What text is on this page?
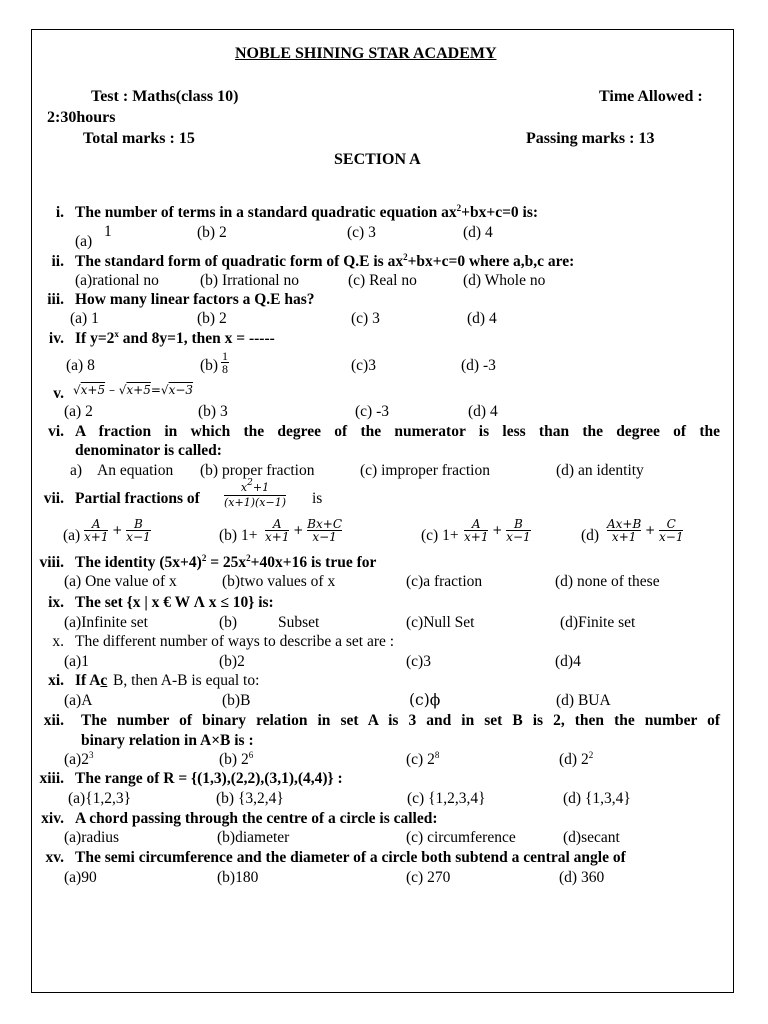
NOBLE SHINING STAR ACADEMY
Test : Maths(class 10)	Time Allowed :
2:30hours
Total marks : 15	Passing marks : 13
SECTION A
i. The number of terms in a standard quadratic equation $ax^2+bx+c=0$ is:
(a)
1	(b) 2	(c) 3	(d) 4
ii. The standard form of quadratic form of Q.E is $ax^2+bx+c=0$ where a,b,c are:
(a)rational no	(b) Irrational no	(c) Real no	(d) Whole no
iii. How many linear factors a Q.E has?
(a) 1	(b) 2	(c) 3	(d) 4
iv. If $y=2^x$ and 8y=1, then x = -----
(a) 8	(b)
1
8	(c)3	(d) -3
v. √x+5 – √x+5=√x−3
(a) 2	(b) 3	(c) -3	(d) 4
vi. A fraction in which the degree of the numerator is less than the degree of the
denominator is called:
a) An equation (b) proper fraction	(c) improper fraction	(d) an identity
vii. Partial fractions of
$x^2+1$
(x+1)(x−1) is
$(a) \frac{A}{x+1} + \frac{B}{x-1}$	(b) $1+ \frac{A}{x+1} + \frac{Bx+C}{x-1}$	(c) $1+ \frac{A}{x+1} + \frac{B}{x-1}$	$(d) \frac{Ax+B}{x+1} + \frac{C}{x-1}$
viii. The identity $(5x+4)^2 = 25x^2+40x+16$ is true for
(a) One value of x	(b)two values of x	(c)a fraction	(d) none of these
ix. The set {x | x € W Λ x ≤ 10} is:
(a)Infinite set	(b)	Subset	(c)Null Set	(d)Finite set
x. The different number of ways to describe a set are :
(a)1	(b)2	(c)3	(d)4
xi. If Ac B, then A-B is equal to:
(a)A	(b)B	(c)ϕ	(d) BUA
xii. The number of binary relation in set A is 3 and in set B is 2, then the number of
binary relation in A×B is :
$(a)2^3$	(b) $2^6$	(c) $2^8$	(d) $2^2$
xiii. The range of R = {(1,3),(2,2),(3,1),(4,4)} :
(a){1,2,3}	(b) {3,2,4}	(c) {1,2,3,4}	(d) {1,3,4}
xiv. A chord passing through the centre of a circle is called:
(a)radius	(b)diameter	(c) circumference	(d)secant
xv. The semi circumference and the diameter of a circle both subtend a central angle of
(a)90	(b)180	(c) 270	(d) 360
